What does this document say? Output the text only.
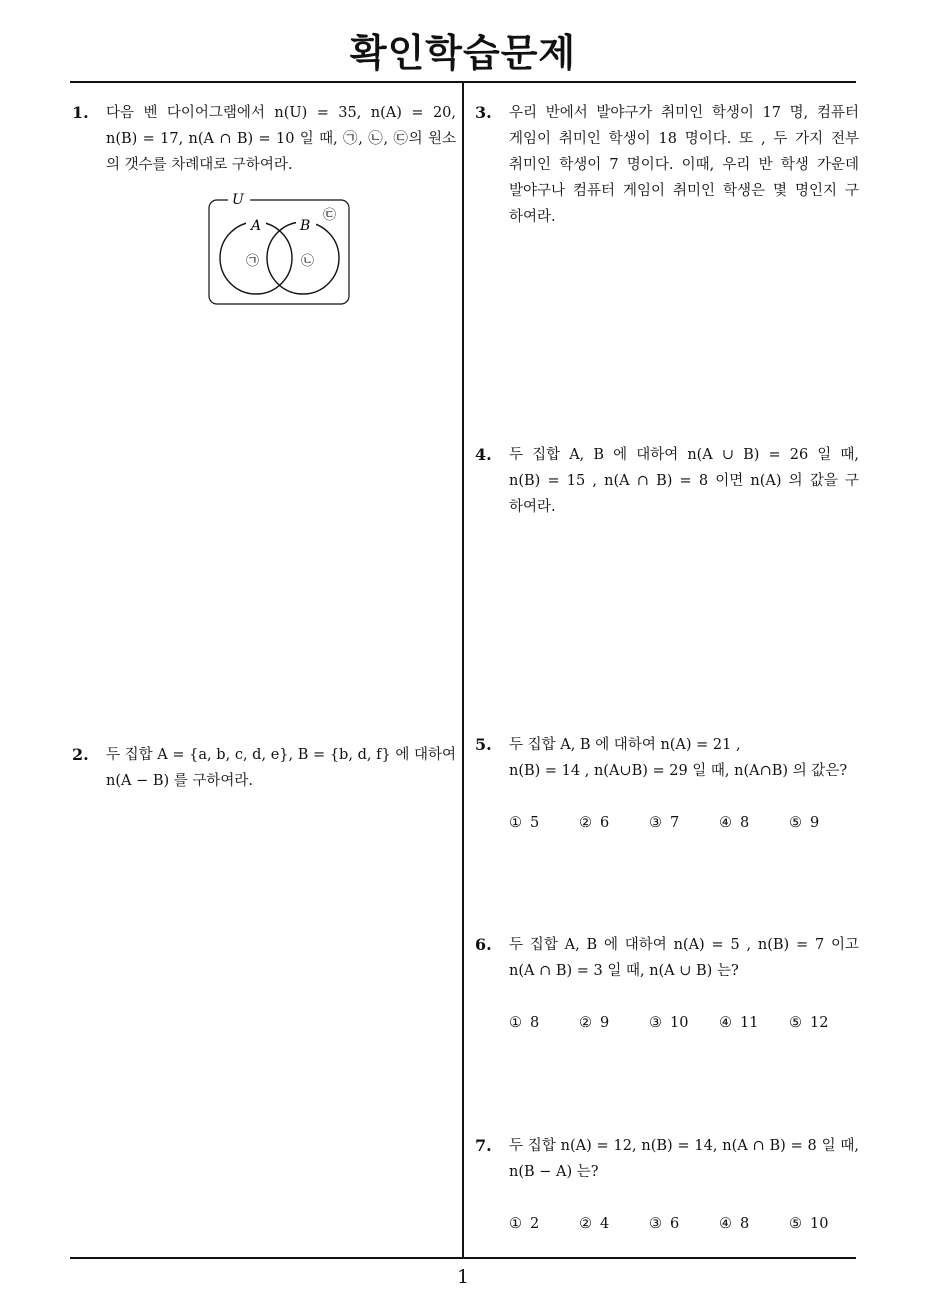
확인학습문제
1
1. 다음 벤 다이어그램에서 n(U) = 35, n(A) = 20,
n(B) = 17, n(A ∩ B) = 10 일 때, ㉠, ㉡, ㉢의 원소
의 갯수를 차례대로 구하여라.
U
A	B
㉠	㉡
㉢
2. 두 집합 A = {a, b, c, d, e}, B = {b, d, f} 에 대하여
n(A − B) 를 구하여라.
3. 우리 반에서 발야구가 취미인 학생이 17 명, 컴퓨터
게임이 취미인 학생이 18 명이다. 또 , 두 가지 전부
취미인 학생이 7 명이다. 이때, 우리 반 학생 가운데
발야구나 컴퓨터 게임이 취미인 학생은 몇 명인지 구
하여라.
4. 두 집합 A, B 에 대하여 n(A ∪ B) = 26 일 때,
n(B) = 15 , n(A ∩ B) = 8 이면 n(A) 의 값을 구
하여라.
5. 두 집합 A, B 에 대하여 n(A) = 21 ,
n(B) = 14 , n(A∪B) = 29 일 때, n(A∩B) 의 값은?
① 5	② 6	③ 7	④ 8	⑤ 9
6. 두 집합 A, B 에 대하여 n(A) = 5 , n(B) = 7 이고
n(A ∩ B) = 3 일 때, n(A ∪ B) 는?
① 8	② 9	③ 10 ④ 11 ⑤ 12
7. 두 집합 n(A) = 12, n(B) = 14, n(A ∩ B) = 8 일 때,
n(B − A) 는?
① 2	② 4	③ 6	④ 8	⑤ 10
